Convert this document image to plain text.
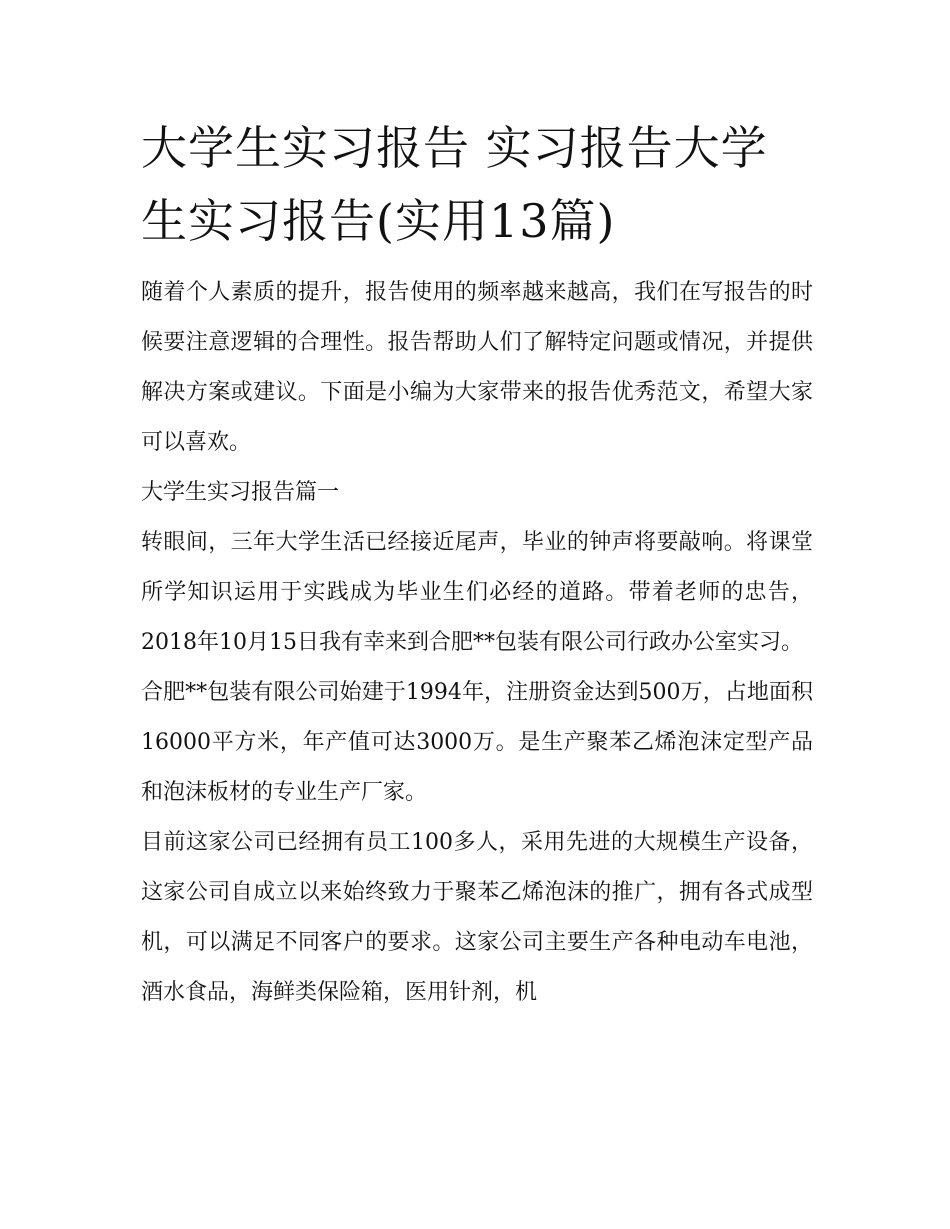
大学生实习报告 实习报告大学生实习报告(实用13篇)

随着个人素质的提升，报告使用的频率越来越高，我们在写报告的时候要注意逻辑的合理性。报告帮助人们了解特定问题或情况，并提供解决方案或建议。下面是小编为大家带来的报告优秀范文，希望大家可以喜欢。

大学生实习报告篇一

转眼间，三年大学生活已经接近尾声，毕业的钟声将要敲响。将课堂所学知识运用于实践成为毕业生们必经的道路。带着老师的忠告，2018年10月15日我有幸来到合肥**包装有限公司行政办公室实习。

合肥**包装有限公司始建于1994年，注册资金达到500万，占地面积16000平方米，年产值可达3000万。是生产聚苯乙烯泡沫定型产品和泡沫板材的专业生产厂家。

目前这家公司已经拥有员工100多人，采用先进的大规模生产设备，这家公司自成立以来始终致力于聚苯乙烯泡沫的推广，拥有各式成型机，可以满足不同客户的要求。这家公司主要生产各种电动车电池，酒水食品，海鲜类保险箱，医用针剂，机
